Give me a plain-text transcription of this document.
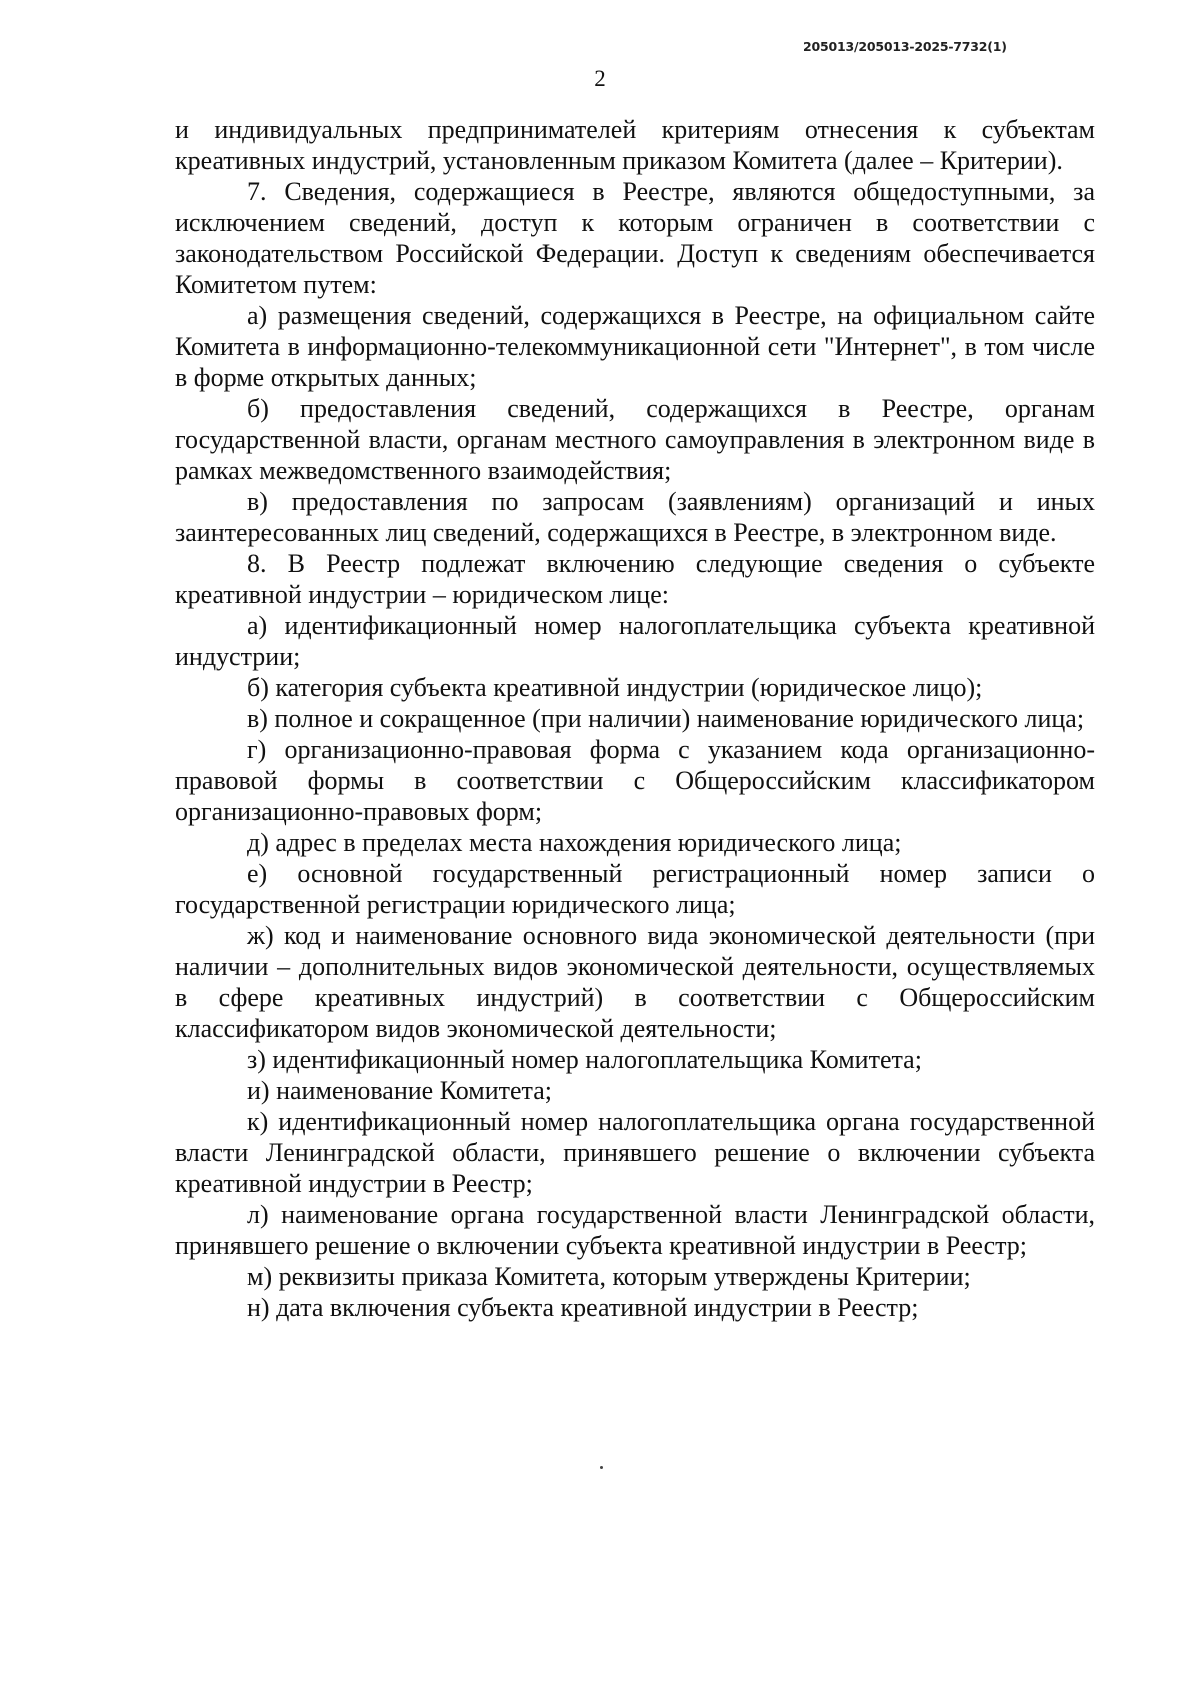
205013/205013-2025-7732(1)
2

и индивидуальных предпринимателей критериям отнесения к субъектам креативных индустрий, установленным приказом Комитета (далее – Критерии).

7. Сведения, содержащиеся в Реестре, являются общедоступными, за исключением сведений, доступ к которым ограничен в соответствии с законодательством Российской Федерации. Доступ к сведениям обеспечивается Комитетом путем:

а) размещения сведений, содержащихся в Реестре, на официальном сайте Комитета в информационно-телекоммуникационной сети "Интернет", в том числе в форме открытых данных;

б) предоставления сведений, содержащихся в Реестре, органам государственной власти, органам местного самоуправления в электронном виде в рамках межведомственного взаимодействия;

в) предоставления по запросам (заявлениям) организаций и иных заинтересованных лиц сведений, содержащихся в Реестре, в электронном виде.

8. В Реестр подлежат включению следующие сведения о субъекте креативной индустрии – юридическом лице:

а) идентификационный номер налогоплательщика субъекта креативной индустрии;

б) категория субъекта креативной индустрии (юридическое лицо);

в) полное и сокращенное (при наличии) наименование юридического лица;

г) организационно-правовая форма с указанием кода организационно-правовой формы в соответствии с Общероссийским классификатором организационно-правовых форм;

д) адрес в пределах места нахождения юридического лица;

е) основной государственный регистрационный номер записи о государственной регистрации юридического лица;

ж) код и наименование основного вида экономической деятельности (при наличии – дополнительных видов экономической деятельности, осуществляемых в сфере креативных индустрий) в соответствии с Общероссийским классификатором видов экономической деятельности;

з) идентификационный номер налогоплательщика Комитета;

и) наименование Комитета;

к) идентификационный номер налогоплательщика органа государственной власти Ленинградской области, принявшего решение о включении субъекта креативной индустрии в Реестр;

л) наименование органа государственной власти Ленинградской области, принявшего решение о включении субъекта креативной индустрии в Реестр;

м) реквизиты приказа Комитета, которым утверждены Критерии;

н) дата включения субъекта креативной индустрии в Реестр;
